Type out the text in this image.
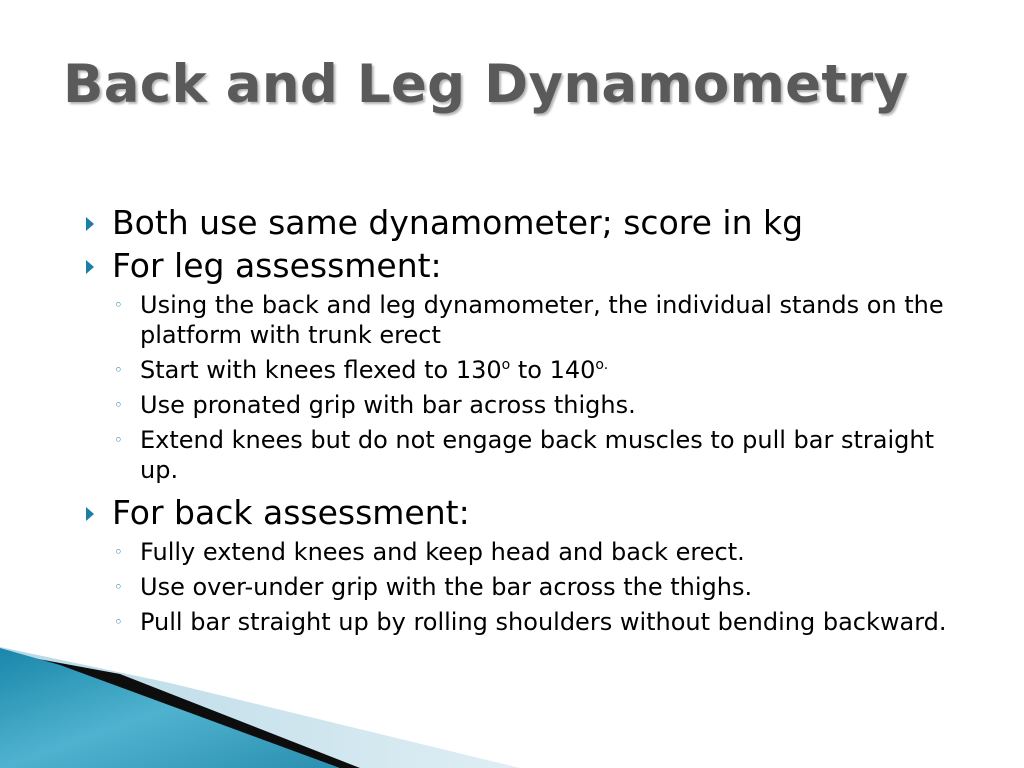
Back and Leg Dynamometry
Both use same dynamometer; score in kg
For leg assessment:
◦ Using the back and leg dynamometer, the individual stands on the platform with trunk erect
◦ Start with knees flexed to 130$^o$ to $140^{o.}$
◦ Use pronated grip with bar across thighs.
◦ Extend knees but do not engage back muscles to pull bar straight up.
For back assessment:
◦ Fully extend knees and keep head and back erect.
◦ Use over-under grip with the bar across the thighs.
◦ Pull bar straight up by rolling shoulders without bending backward.
